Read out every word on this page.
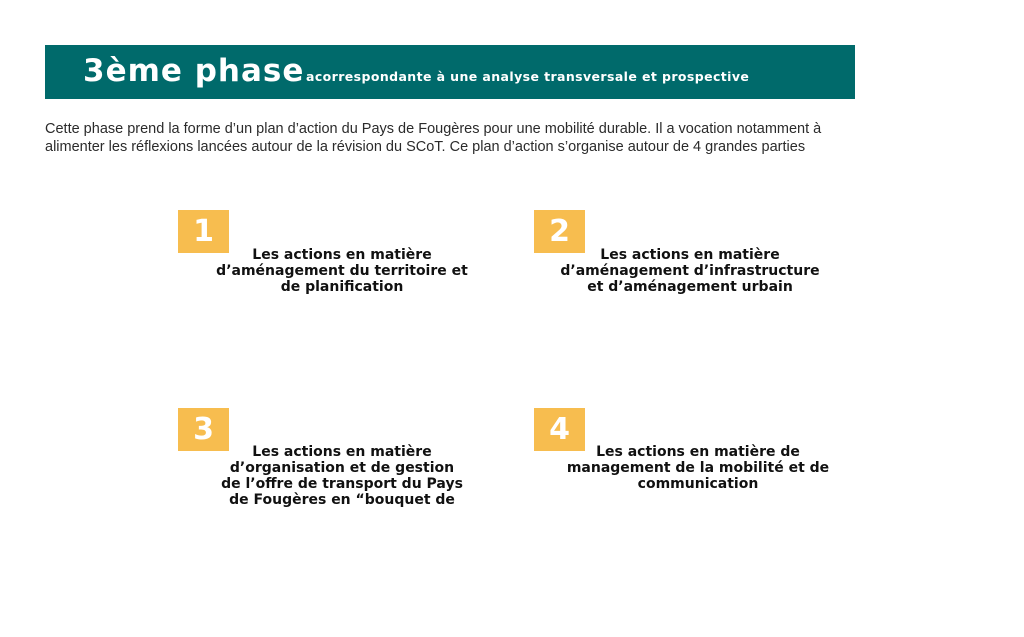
3ème phase acorrespondante à une analyse transversale et prospective

Cette phase prend la forme d’un plan d’action du Pays de Fougères pour une mobilité durable. Il a vocation notamment à
alimenter les réflexions lancées autour de la révision du SCoT. Ce plan d’action s’organise autour de 4 grandes parties

1

Les actions en matière
d’aménagement du territoire et
de planification

2

Les actions en matière
d’aménagement d’infrastructure
et d’aménagement urbain

3

Les actions en matière
d’organisation et de gestion
de l’offre de transport du Pays
de Fougères en “bouquet de

4

Les actions en matière de
management de la mobilité et de
communication
